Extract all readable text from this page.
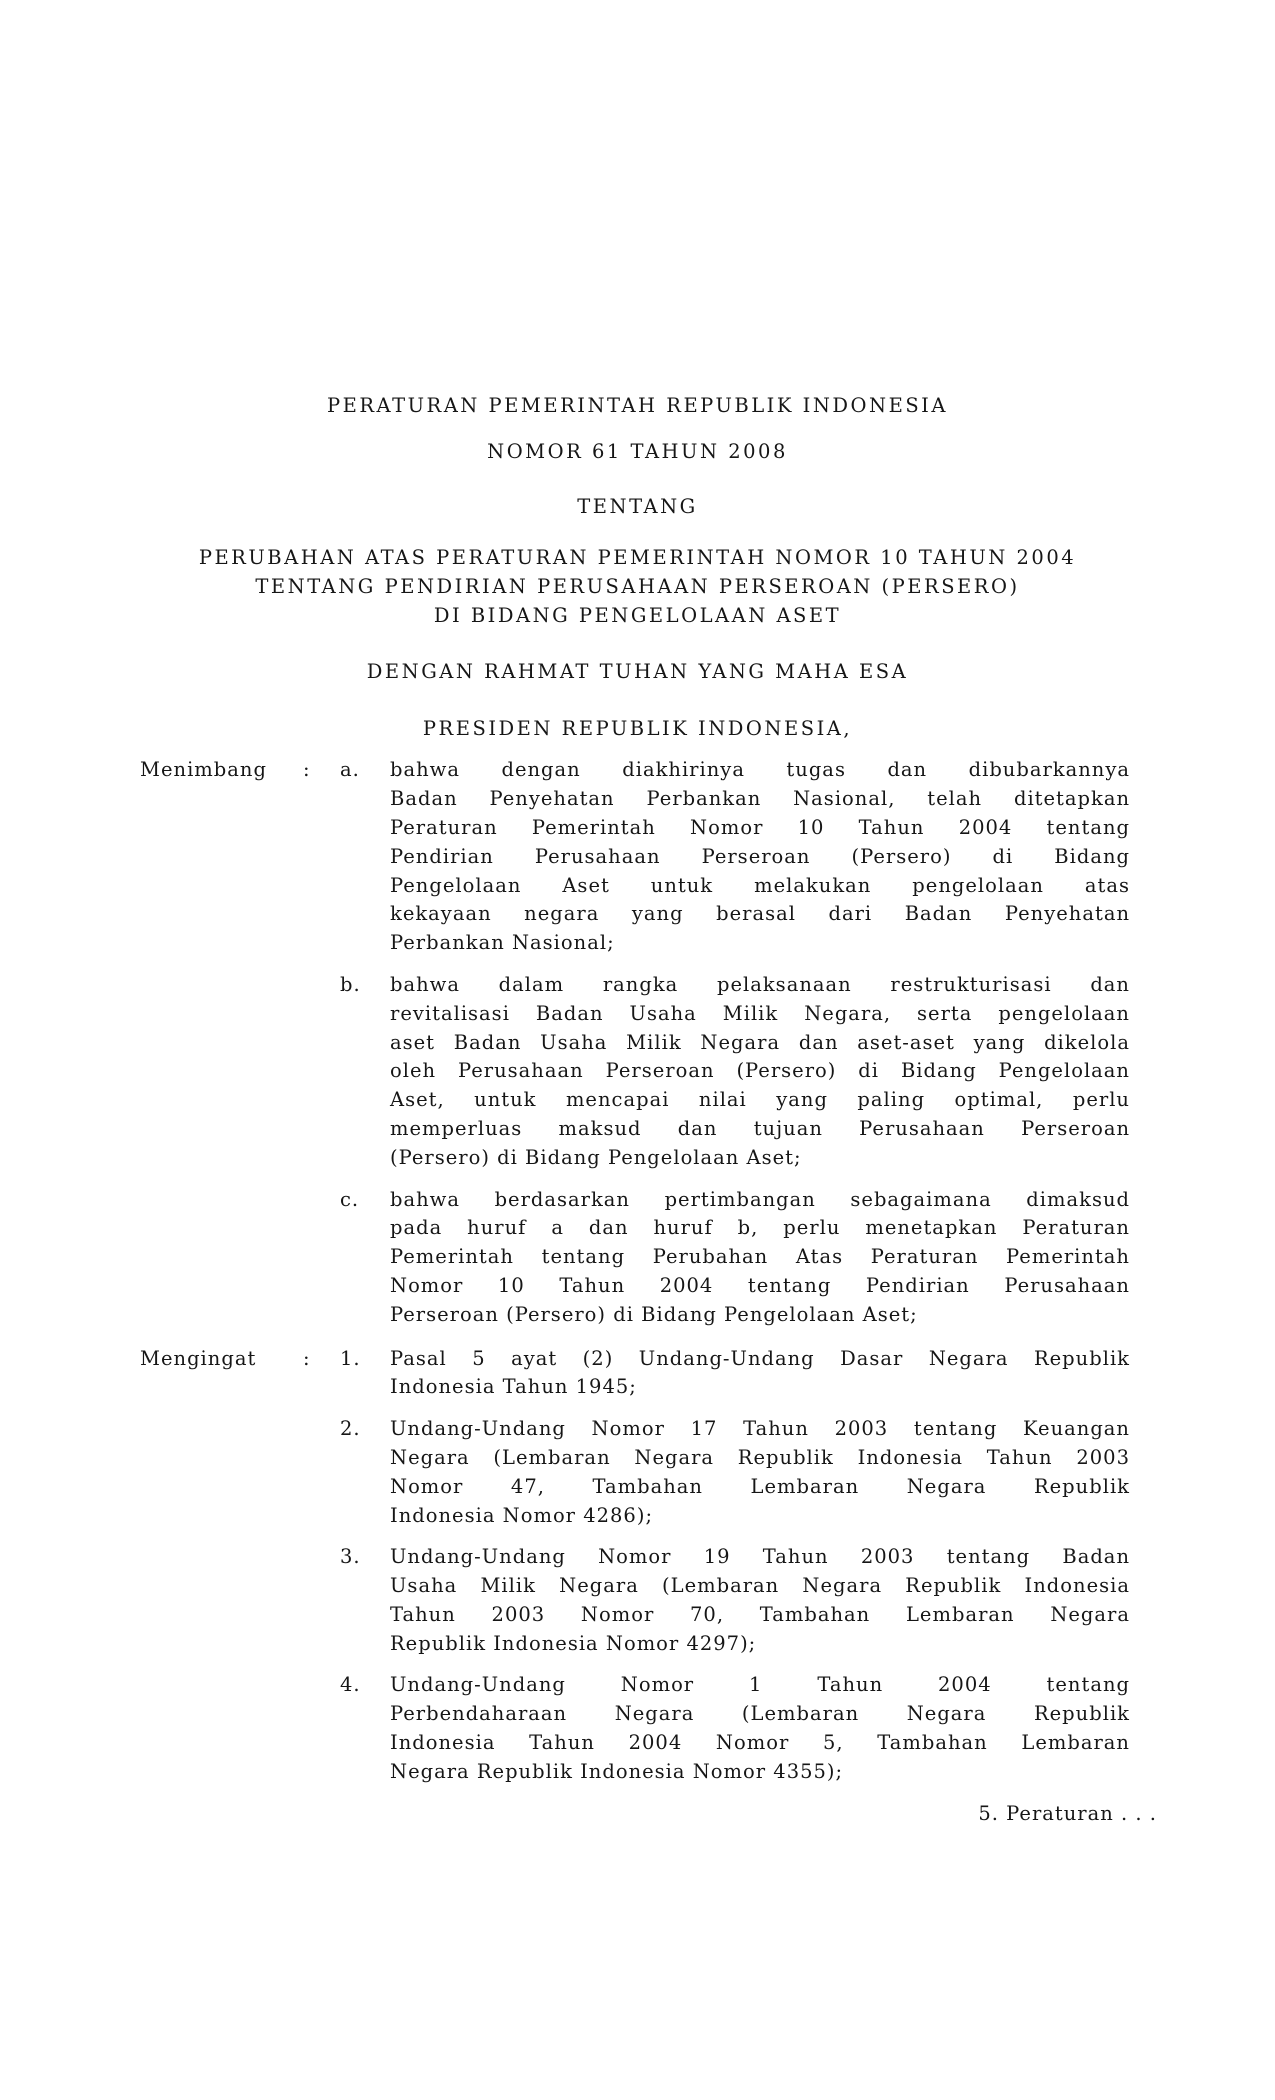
PERATURAN PEMERINTAH REPUBLIK INDONESIA
NOMOR 61 TAHUN 2008
TENTANG
PERUBAHAN ATAS PERATURAN PEMERINTAH NOMOR 10 TAHUN 2004
TENTANG PENDIRIAN PERUSAHAAN PERSEROAN (PERSERO)
DI BIDANG PENGELOLAAN ASET
DENGAN RAHMAT TUHAN YANG MAHA ESA
PRESIDEN REPUBLIK INDONESIA,
Menimbang : a. bahwa dengan diakhirinya tugas dan dibubarkannya
Badan Penyehatan Perbankan Nasional, telah ditetapkan
Peraturan Pemerintah Nomor 10 Tahun 2004 tentang
Pendirian Perusahaan Perseroan (Persero) di Bidang
Pengelolaan Aset untuk melakukan pengelolaan atas
kekayaan negara yang berasal dari Badan Penyehatan
Perbankan Nasional;
b. bahwa dalam rangka pelaksanaan restrukturisasi dan
revitalisasi Badan Usaha Milik Negara, serta pengelolaan
aset Badan Usaha Milik Negara dan aset-aset yang dikelola
oleh Perusahaan Perseroan (Persero) di Bidang Pengelolaan
Aset, untuk mencapai nilai yang paling optimal, perlu
memperluas maksud dan tujuan Perusahaan Perseroan
(Persero) di Bidang Pengelolaan Aset;
c. bahwa berdasarkan pertimbangan sebagaimana dimaksud
pada huruf a dan huruf b, perlu menetapkan Peraturan
Pemerintah tentang Perubahan Atas Peraturan Pemerintah
Nomor 10 Tahun 2004 tentang Pendirian Perusahaan
Perseroan (Persero) di Bidang Pengelolaan Aset;
Mengingat : 1. Pasal 5 ayat (2) Undang-Undang Dasar Negara Republik
Indonesia Tahun 1945;
2. Undang-Undang Nomor 17 Tahun 2003 tentang Keuangan
Negara (Lembaran Negara Republik Indonesia Tahun 2003
Nomor 47, Tambahan Lembaran Negara Republik
Indonesia Nomor 4286);
3. Undang-Undang Nomor 19 Tahun 2003 tentang Badan
Usaha Milik Negara (Lembaran Negara Republik Indonesia
Tahun 2003 Nomor 70, Tambahan Lembaran Negara
Republik Indonesia Nomor 4297);
4. Undang-Undang Nomor 1 Tahun 2004 tentang
Perbendaharaan Negara (Lembaran Negara Republik
Indonesia Tahun 2004 Nomor 5, Tambahan Lembaran
Negara Republik Indonesia Nomor 4355);
5. Peraturan . . .
